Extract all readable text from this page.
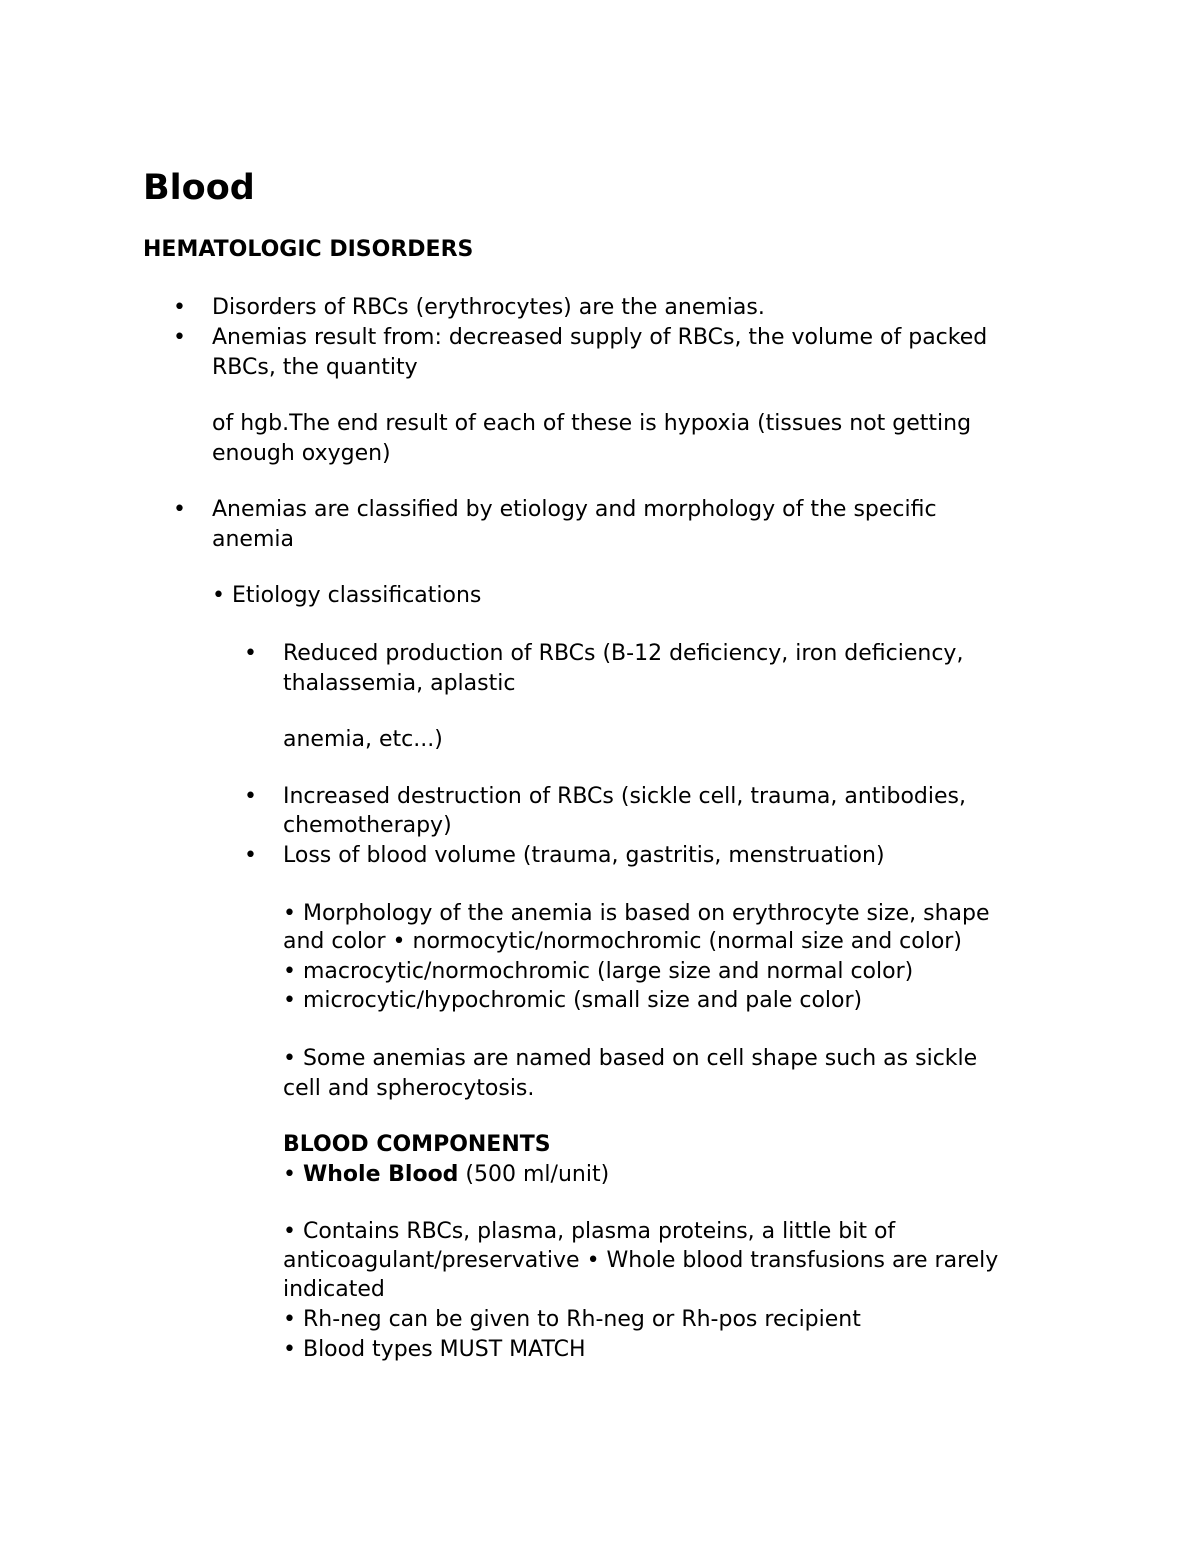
Blood
HEMATOLOGIC DISORDERS
• Disorders of RBCs (erythrocytes) are the anemias.
• Anemias result from: decreased supply of RBCs, the volume of packed
RBCs, the quantity
of hgb.The end result of each of these is hypoxia (tissues not getting
enough oxygen)
• Anemias are classified by etiology and morphology of the specific
anemia
• Etiology classifications
• Reduced production of RBCs (B-12 deficiency, iron deficiency,
thalassemia, aplastic
anemia, etc...)
• Increased destruction of RBCs (sickle cell, trauma, antibodies,
chemotherapy)
• Loss of blood volume (trauma, gastritis, menstruation)
• Morphology of the anemia is based on erythrocyte size, shape
and color • normocytic/normochromic (normal size and color)
• macrocytic/normochromic (large size and normal color)
• microcytic/hypochromic (small size and pale color)
• Some anemias are named based on cell shape such as sickle
cell and spherocytosis.
BLOOD COMPONENTS
• Whole Blood (500 ml/unit)
• Contains RBCs, plasma, plasma proteins, a little bit of
anticoagulant/preservative • Whole blood transfusions are rarely
indicated
• Rh-neg can be given to Rh-neg or Rh-pos recipient
• Blood types MUST MATCH
